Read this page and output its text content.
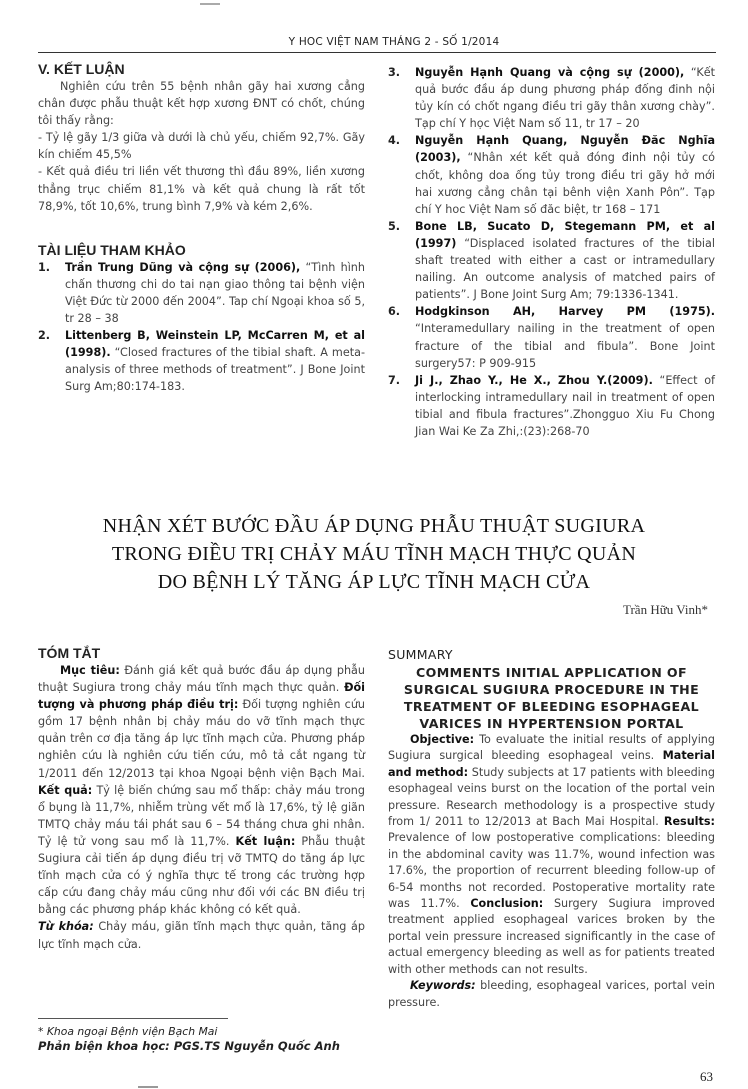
Y HOC VIỆT NAM THÁNG 2 - SỐ 1/2014
V. KẾT LUẬN

Nghiên cứu trên 55 bệnh nhân gãy hai xương cẳng chân được phẫu thuật kết hợp xương ĐNT có chốt, chúng tôi thấy rằng:

- Tỷ lệ gãy 1/3 giữa và dưới là chủ yếu, chiếm 92,7%. Gãy kín chiếm 45,5%

- Kết quả điều tri liền vết thương thì đầu 89%, liền xương thẳng trục chiếm 81,1% và kết quả chung là rất tốt 78,9%, tốt 10,6%, trung bình 7,9% và kém 2,6%.

TÀI LIỆU THAM KHẢO

1. Trần Trung Dũng và cộng sự (2006), “Tình hình chấn thương chi do tai nạn giao thông tai bệnh viện Việt Đức từ 2000 đến 2004”. Tap chí Ngoại khoa số 5, tr 28 – 38

2. Littenberg B, Weinstein LP, McCarren M, et al (1998). “Closed fractures of the tibial shaft. A meta-analysis of three methods of treatment”. J Bone Joint Surg Am;80:174-183.

3. Nguyễn Hạnh Quang và cộng sự (2000), “Kết quả bước đầu áp dung phương pháp đống đinh nội tủy kín có chốt ngang điều tri gãy thân xương chày”. Tạp chí Y học Việt Nam số 11, tr 17 – 20

4. Nguyễn Hạnh Quang, Nguyễn Đăc Nghĩa (2003), “Nhân xét kết quả đóng đinh nội tủy có chốt, không doa ống tủy trong điều tri gãy hở mới hai xương cẳng chân tại bênh viện Xanh Pôn”. Tạp chí Y hoc Việt Nam số đăc biệt, tr 168 – 171

5. Bone LB, Sucato D, Stegemann PM, et al (1997) “Displaced isolated fractures of the tibial shaft treated with either a cast or intramedullary nailing. An outcome analysis of matched pairs of patients”. J Bone Joint Surg Am; 79:1336-1341.

6. Hodgkinson AH, Harvey PM (1975). “Interamedullary nailing in the treatment of open fracture of the tibial and fibula”. Bone Joint surgery57: P 909-915

7. Ji J., Zhao Y., He X., Zhou Y.(2009). “Effect of interlocking intramedullary nail in treatment of open tibial and fibula fractures”.Zhongguo Xiu Fu Chong Jian Wai Ke Za Zhi,:(23):268-70

NHẬN XÉT BƯỚC ĐẦU ÁP DỤNG PHẪU THUẬT SUGIURA
TRONG ĐIỀU TRỊ CHẢY MÁU TĨNH MẠCH THỰC QUẢN
DO BỆNH LÝ TĂNG ÁP LỰC TĨNH MẠCH CỬA
Trần Hữu Vinh*
TÓM TẮT

Mục tiêu: Đánh giá kết quả bước đầu áp dụng phẫu thuật Sugiura trong chảy máu tĩnh mạch thực quản. Đối tượng và phương pháp điều trị: Đối tượng nghiên cứu gồm 17 bệnh nhân bị chảy máu do vỡ tĩnh mạch thực quản trên cơ địa tăng áp lực tĩnh mạch cửa. Phương pháp nghiên cứu là nghiên cứu tiến cứu, mô tả cắt ngang từ 1/2011 đến 12/2013 tại khoa Ngoại bệnh viện Bạch Mai. Kết quả: Tỷ lệ biến chứng sau mổ thấp: chảy máu trong ổ bụng là 11,7%, nhiễm trùng vết mổ là 17,6%, tỷ lệ giãn TMTQ chảy máu tái phát sau 6 – 54 tháng chưa ghi nhân. Tỷ lệ tử vong sau mổ là 11,7%. Kết luận: Phẫu thuật Sugiura cải tiến áp dụng điều trị vỡ TMTQ do tăng áp lực tĩnh mạch cửa có ý nghĩa thực tế trong các trường hợp cấp cứu đang chảy máu cũng như đối với các BN điều trị bằng các phương pháp khác không có kết quả.

Từ khóa: Chảy máu, giãn tĩnh mạch thực quản, tăng áp lực tĩnh mạch cửa.

SUMMARY
COMMENTS INITIAL APPLICATION OF SURGICAL SUGIURA PROCEDURE IN THE TREATMENT OF BLEEDING ESOPHAGEAL VARICES IN HYPERTENSION PORTAL

Objective: To evaluate the initial results of applying Sugiura surgical bleeding esophageal veins. Material and method: Study subjects at 17 patients with bleeding esophageal veins burst on the location of the portal vein pressure. Research methodology is a prospective study from 1/ 2011 to 12/2013 at Bach Mai Hospital. Results: Prevalence of low postoperative complications: bleeding in the abdominal cavity was 11.7%, wound infection was 17.6%, the proportion of recurrent bleeding follow-up of 6-54 months not recorded. Postoperative mortality rate was 11.7%. Conclusion: Surgery Sugiura improved treatment applied esophageal varices broken by the portal vein pressure increased significantly in the case of actual emergency bleeding as well as for patients treated with other methods can not results.

Keywords: bleeding, esophageal varices, portal vein pressure.

* Khoa ngoại Bệnh viện Bạch Mai
Phản biện khoa học: PGS.TS Nguyễn Quốc Anh
63
